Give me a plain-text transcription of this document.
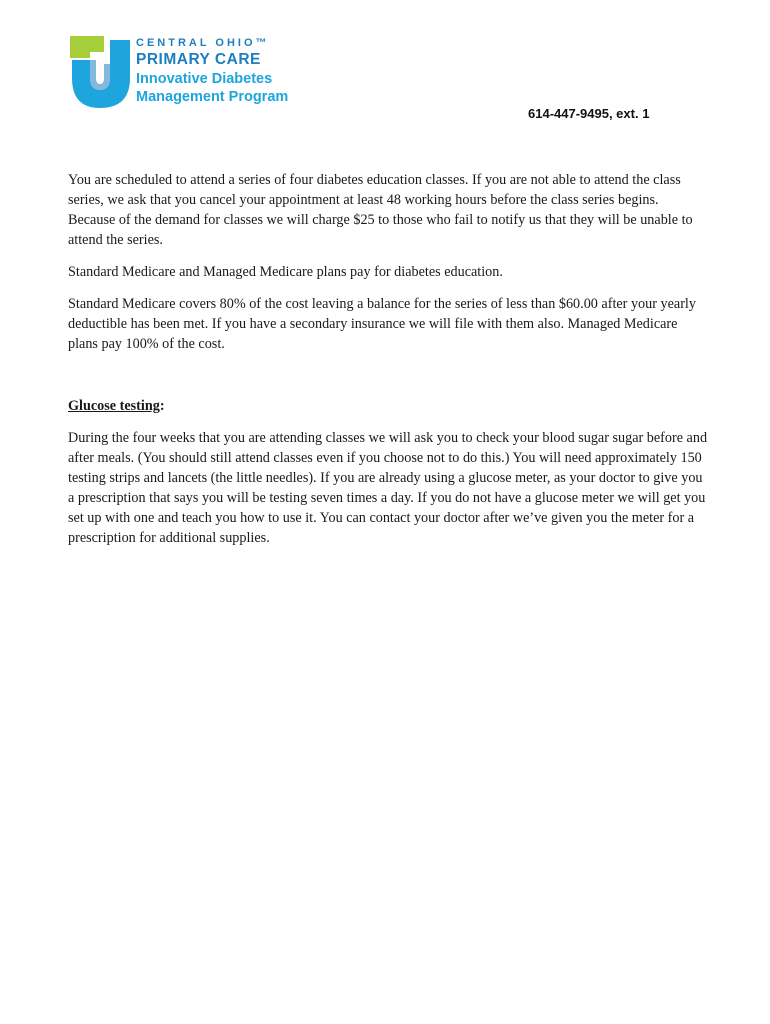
CENTRAL OHIO™
PRIMARY CARE
Innovative Diabetes
Management Program
614-447-9495, ext. 1

You are scheduled to attend a series of four diabetes education classes. If you are not able to attend the class series, we ask that you cancel your appointment at least 48 working hours before the class series begins. Because of the demand for classes we will charge $25 to those who fail to notify us that they will be unable to attend the series.

Standard Medicare and Managed Medicare plans pay for diabetes education.

Standard Medicare covers 80% of the cost leaving a balance for the series of less than $60.00 after your yearly deductible has been met. If you have a secondary insurance we will file with them also. Managed Medicare plans pay 100% of the cost.

Glucose testing:

During the four weeks that you are attending classes we will ask you to check your blood sugar sugar before and after meals. (You should still attend classes even if you choose not to do this.) You will need approximately 150 testing strips and lancets (the little needles). If you are already using a glucose meter, as your doctor to give you a prescription that says you will be testing seven times a day. If you do not have a glucose meter we will get you set up with one and teach you how to use it. You can contact your doctor after we’ve given you the meter for a prescription for additional supplies.
